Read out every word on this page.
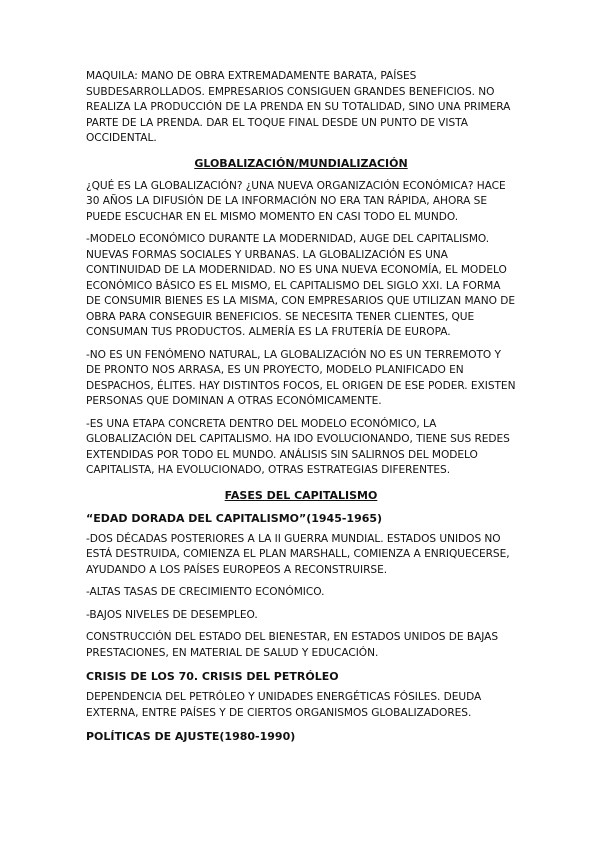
MAQUILA: MANO DE OBRA EXTREMADAMENTE BARATA, PAÍSES SUBDESARROLLADOS. EMPRESARIOS CONSIGUEN GRANDES BENEFICIOS. NO REALIZA LA PRODUCCIÓN DE LA PRENDA EN SU TOTALIDAD, SINO UNA PRIMERA PARTE DE LA PRENDA. DAR EL TOQUE FINAL DESDE UN PUNTO DE VISTA OCCIDENTAL.

GLOBALIZACIÓN/MUNDIALIZACIÓN

¿QUÉ ES LA GLOBALIZACIÓN? ¿UNA NUEVA ORGANIZACIÓN ECONÓMICA? HACE 30 AÑOS LA DIFUSIÓN DE LA INFORMACIÓN NO ERA TAN RÁPIDA, AHORA SE PUEDE ESCUCHAR EN EL MISMO MOMENTO EN CASI TODO EL MUNDO.

-MODELO ECONÓMICO DURANTE LA MODERNIDAD, AUGE DEL CAPITALISMO. NUEVAS FORMAS SOCIALES Y URBANAS. LA GLOBALIZACIÓN ES UNA CONTINUIDAD DE LA MODERNIDAD. NO ES UNA NUEVA ECONOMÍA, EL MODELO ECONÓMICO BÁSICO ES EL MISMO, EL CAPITALISMO DEL SIGLO XXI. LA FORMA DE CONSUMIR BIENES ES LA MISMA, CON EMPRESARIOS QUE UTILIZAN MANO DE OBRA PARA CONSEGUIR BENEFICIOS. SE NECESITA TENER CLIENTES, QUE CONSUMAN TUS PRODUCTOS. ALMERÍA ES LA FRUTERÍA DE EUROPA.

-NO ES UN FENÓMENO NATURAL, LA GLOBALIZACIÓN NO ES UN TERREMOTO Y DE PRONTO NOS ARRASA, ES UN PROYECTO, MODELO PLANIFICADO EN DESPACHOS, ÉLITES. HAY DISTINTOS FOCOS, EL ORIGEN DE ESE PODER. EXISTEN PERSONAS QUE DOMINAN A OTRAS ECONÓMICAMENTE.

-ES UNA ETAPA CONCRETA DENTRO DEL MODELO ECONÓMICO, LA GLOBALIZACIÓN DEL CAPITALISMO. HA IDO EVOLUCIONANDO, TIENE SUS REDES EXTENDIDAS POR TODO EL MUNDO. ANÁLISIS SIN SALIRNOS DEL MODELO CAPITALISTA, HA EVOLUCIONADO, OTRAS ESTRATEGIAS DIFERENTES.

FASES DEL CAPITALISMO
“EDAD DORADA DEL CAPITALISMO”(1945-1965)

-DOS DÉCADAS POSTERIORES A LA II GUERRA MUNDIAL. ESTADOS UNIDOS NO ESTÁ DESTRUIDA, COMIENZA EL PLAN MARSHALL, COMIENZA A ENRIQUECERSE, AYUDANDO A LOS PAÍSES EUROPEOS A RECONSTRUIRSE.

-ALTAS TASAS DE CRECIMIENTO ECONÓMICO.

-BAJOS NIVELES DE DESEMPLEO.

CONSTRUCCIÓN DEL ESTADO DEL BIENESTAR, EN ESTADOS UNIDOS DE BAJAS PRESTACIONES, EN MATERIAL DE SALUD Y EDUCACIÓN.

CRISIS DE LOS 70. CRISIS DEL PETRÓLEO

DEPENDENCIA DEL PETRÓLEO Y UNIDADES ENERGÉTICAS FÓSILES. DEUDA EXTERNA, ENTRE PAÍSES Y DE CIERTOS ORGANISMOS GLOBALIZADORES.

POLÍTICAS DE AJUSTE(1980-1990)
